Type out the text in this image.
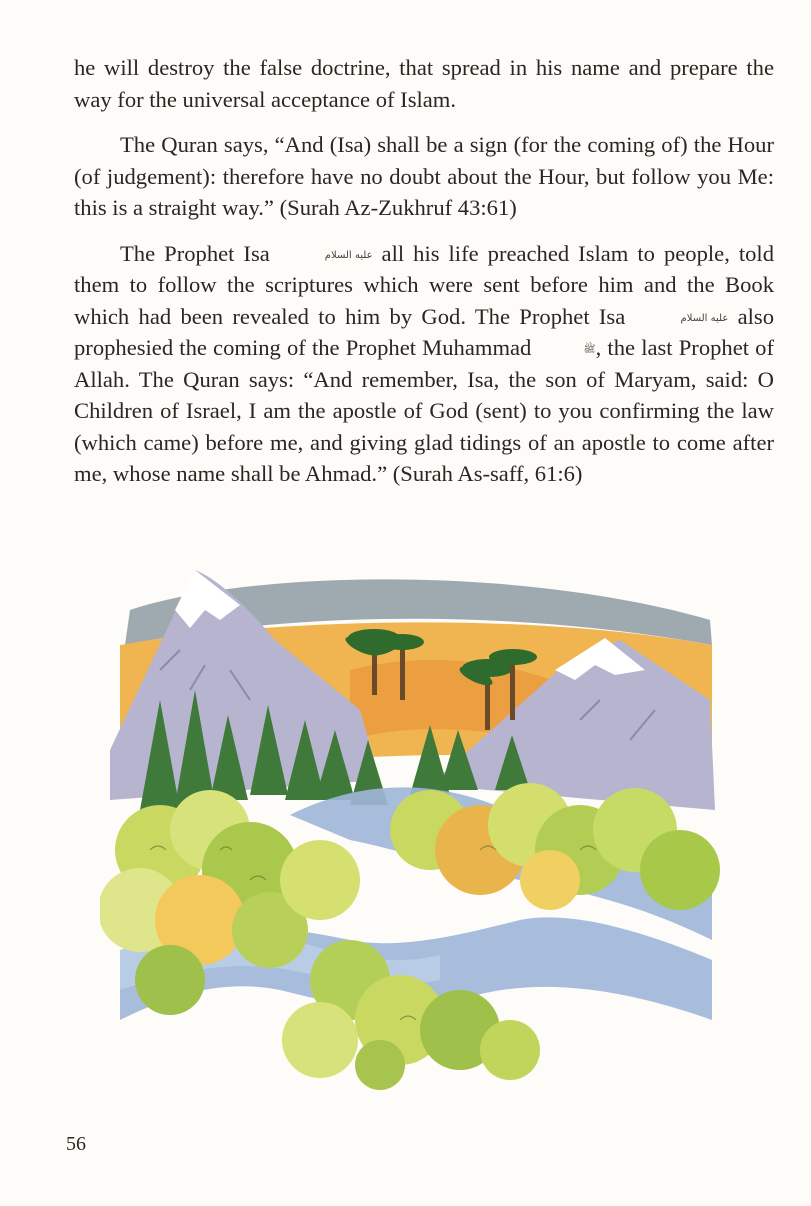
he will destroy the false doctrine, that spread in his name and prepare the way for the universal acceptance of Islam.

The Quran says, “And (Isa) shall be a sign (for the coming of) the Hour (of judgement): therefore have no doubt about the Hour, but follow you Me: this is a straight way.” (Surah Az-Zukhruf 43:61)

The Prophet Isa	عليه السلام all his life preached Islam to people, told them to follow the scriptures which were sent before him and the Book which had been revealed to him by God. The Prophet Isa	عليه السلام also prophesied the coming of the Prophet Muhammad	ﷺ, the last Prophet of Allah. The Quran says: “And remember, Isa, the son of Maryam, said: O Children of Israel, I am the apostle of God (sent) to you confirming the law (which came) before me, and giving glad tidings of an apostle to come after me, whose name shall be Ahmad.” (Surah As-saff, 61:6)

56
